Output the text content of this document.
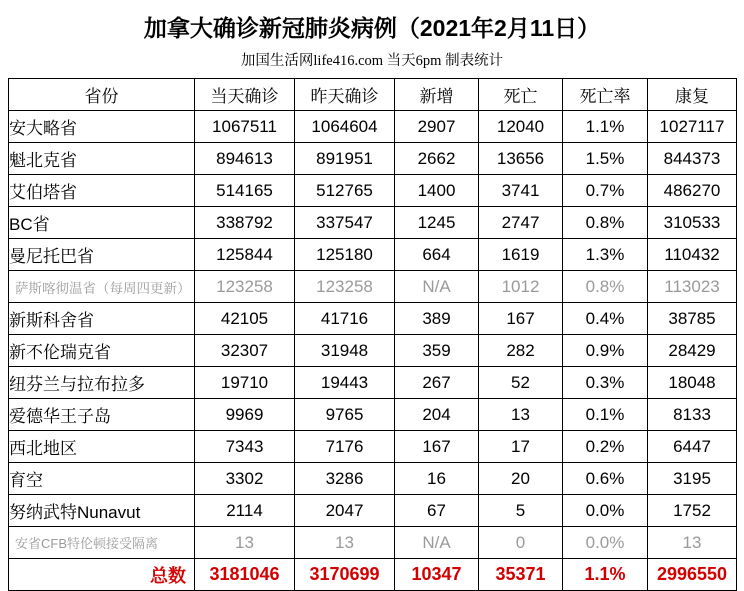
加拿大确诊新冠肺炎病例（2021年2月11日）
加国生活网life416.com 当天6pm 制表统计
省份	当天确诊	昨天确诊	新增	死亡	死亡率	康复
安大略省	1067511	1064604	2907	12040	1.1%	1027117
魁北克省	894613	891951	2662	13656	1.5%	844373
艾伯塔省	514165	512765	1400	3741	0.7%	486270
BC省	338792	337547	1245	2747	0.8%	310533
曼尼托巴省	125844	125180	664	1619	1.3%	110432
萨斯喀彻温省（每周四更新）	123258	123258	N/A	1012	0.8%	113023
新斯科舍省	42105	41716	389	167	0.4%	38785
新不伦瑞克省	32307	31948	359	282	0.9%	28429
纽芬兰与拉布拉多	19710	19443	267	52	0.3%	18048
爱德华王子岛	9969	9765	204	13	0.1%	8133
西北地区	7343	7176	167	17	0.2%	6447
育空	3302	3286	16	20	0.6%	3195
努纳武特Nunavut	2114	2047	67	5	0.0%	1752
安省CFB特伦顿接受隔离	13	13	N/A	0	0.0%	13
总数	3181046	3170699	10347	35371	1.1%	2996550
